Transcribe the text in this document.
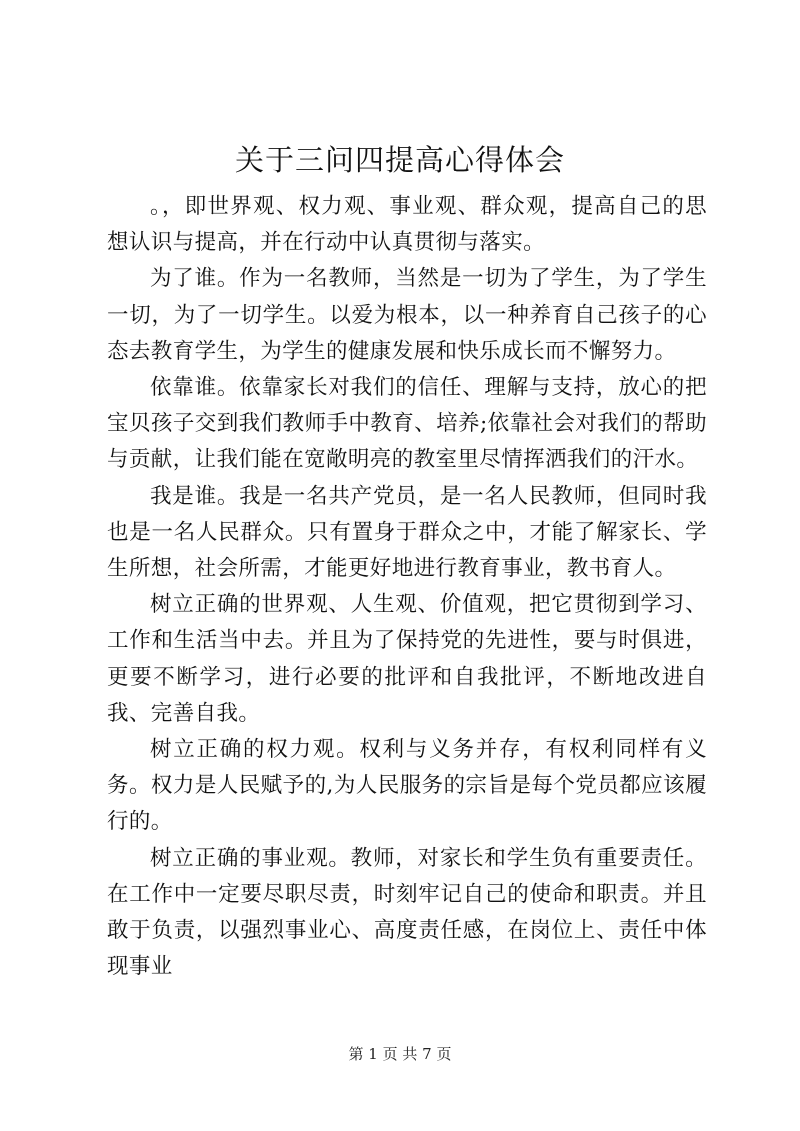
关于三问四提高心得体会

。，即世界观、权力观、事业观、群众观，提高自己的思想认识与提高，并在行动中认真贯彻与落实。

为了谁。作为一名教师，当然是一切为了学生，为了学生一切，为了一切学生。以爱为根本，以一种养育自己孩子的心态去教育学生，为学生的健康发展和快乐成长而不懈努力。

依靠谁。依靠家长对我们的信任、理解与支持，放心的把宝贝孩子交到我们教师手中教育、培养;依靠社会对我们的帮助与贡献，让我们能在宽敞明亮的教室里尽情挥洒我们的汗水。

我是谁。我是一名共产党员，是一名人民教师，但同时我也是一名人民群众。只有置身于群众之中，才能了解家长、学生所想，社会所需，才能更好地进行教育事业，教书育人。

树立正确的世界观、人生观、价值观，把它贯彻到学习、工作和生活当中去。并且为了保持党的先进性，要与时俱进，更要不断学习，进行必要的批评和自我批评，不断地改进自我、完善自我。

树立正确的权力观。权利与义务并存，有权利同样有义务。权力是人民赋予的,为人民服务的宗旨是每个党员都应该履行的。

树立正确的事业观。教师，对家长和学生负有重要责任。在工作中一定要尽职尽责，时刻牢记自己的使命和职责。并且敢于负责，以强烈事业心、高度责任感，在岗位上、责任中体现事业

第 1 页 共 7 页
